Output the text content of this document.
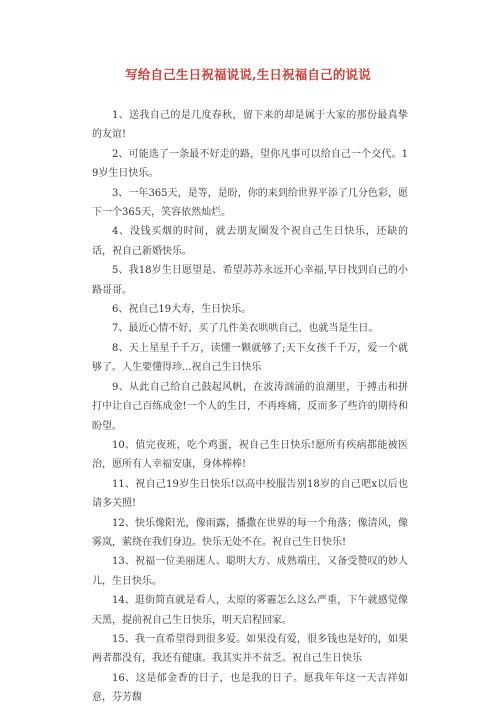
写给自己生日祝福说说,生日祝福自己的说说

1、送我自己的是几度春秋，留下来的却是属于大家的那份最真挚的友谊!

2、可能选了一条最不好走的路，望你凡事可以给自己一个交代。19岁生日快乐。

3、一年365天，是等，是盼，你的来到给世界平添了几分色彩，愿下一个365天，笑容依然灿烂。

4、没钱买烟的时间，就去朋友圈发个祝自己生日快乐，还缺的话，祝自己新婚快乐。

5、我18岁生日愿望是、希望苏苏永远开心幸福,早日找到自己的小路哥哥。

6、祝自己19大寿，生日快乐。

7、最近心情不好，买了几件美衣哄哄自己，也就当是生日。

8、天上星星千千万，读懂一颗就够了;天下女孩千千万，爱一个就够了。人生要懂得珍...祝自己生日快乐

9、从此自己给自己鼓起风帆，在波涛汹涌的浪潮里，于搏击和拼打中让自己百练成金!一个人的生日，不再疼痛，反而多了些许的期待和盼望。

10、值完夜班，吃个鸡蛋，祝自己生日快乐!愿所有疾病都能被医治，愿所有人幸福安康，身体棒棒!

11、祝自己19岁生日快乐!以高中校服告别18岁的自己吧x以后也请多关照!

12、快乐像阳光，像雨露，播撒在世界的每一个角落；像清风，像雾岚，萦绕在我们身边。快乐无处不在。祝自己生日快乐!

13、祝福一位美丽迷人、聪明大方、成熟端庄，又备受赞叹的妙人儿，生日快乐。

14、逛街简直就是看人，太原的雾霾怎么这么严重，下午就感觉像天黑，提前祝自己生日快乐，明天启程回家。

15、我一直希望得到很多爱。如果没有爱，很多钱也是好的，如果两者都没有，我还有健康。我其实并不贫乏。祝自己生日快乐

16、这是郁金香的日子，也是我的日子。愿我年年这一天吉祥如意，芬芳馥
